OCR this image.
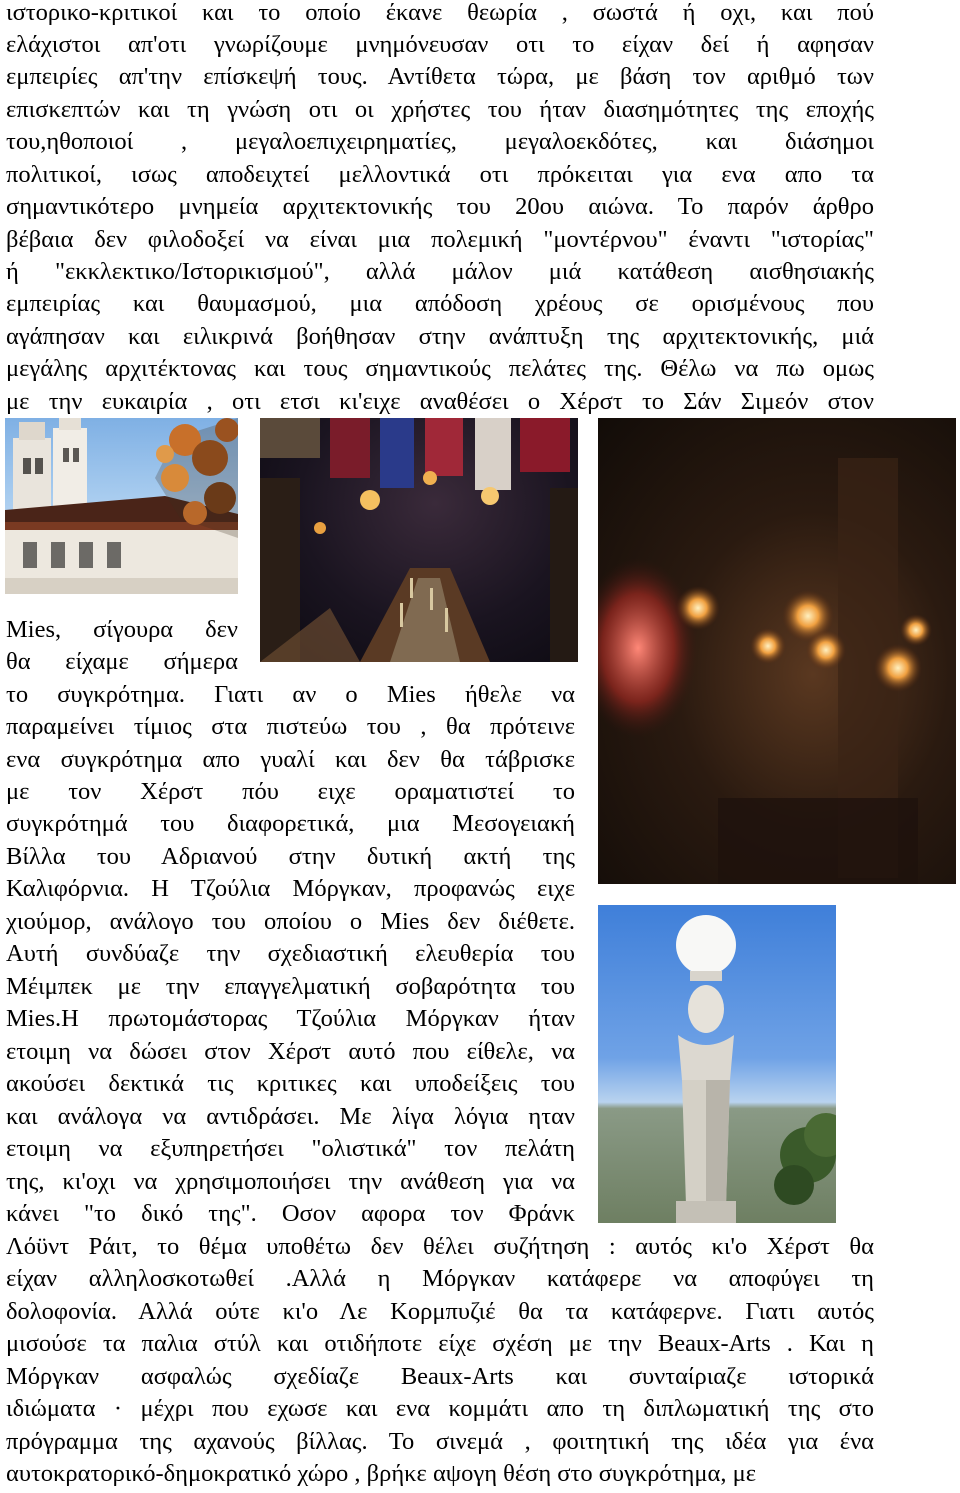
ιστορικο-κριτικοί και το οποίο έκανε θεωρία , σωστά ή οχι, και πού
ελάχιστοι απ'οτι γνωρίζουμε μνημόνευσαν οτι το είχαν δεί ή αφησαν
εμπειρίες απ'την επίσκεψή τους. Αντίθετα τώρα, με βάση τον αριθμό των
επισκεπτών και τη γνώση οτι οι χρήστες του ήταν διασημότητες της εποχής
του,ηθοποιοί , μεγαλοεπιχειρηματίες, μεγαλοεκδότες, και διάσημοι
πολιτικοί, ισως αποδειχτεί μελλοντικά οτι πρόκειται για ενα απο τα
σημαντικότερο μνημεία αρχιτεκτονικής του 20ου αιώνα. Το παρόν άρθρο
βέβαια δεν φιλοδοξεί να είναι μια πολεμική "μοντέρνου" έναντι "ιστορίας"
ή "εκκλεκτικο/Ιστορικισμού", αλλά μάλον μιά κατάθεση αισθησιακής
εμπειρίας και θαυμασμού, μια απόδοση χρέους σε ορισμένους που
αγάπησαν και ειλικρινά βοήθησαν στην ανάπτυξη της αρχιτεκτονικής, μιά
μεγάλης αρχιτέκτονας και τους σημαντικούς πελάτες της. Θέλω να πω ομως
με την ευκαιρία , οτι ετσι κι'ειχε αναθέσει ο Χέρστ το Σάν Σιμεόν στον
Mies, σίγουρα δεν
θα είχαμε σήμερα
το συγκρότημα. Γιατι αν ο Mies ήθελε να
παραμείνει τίμιος στα πιστεύω του , θα πρότεινε
ενα συγκρότημα απο γυαλί και δεν θα τάβρισκε
με τον Χέρστ πόυ ειχε οραματιστεί το
συγκρότημά του διαφορετικά, μια Μεσογειακή
Βίλλα του Αδριανού στην δυτική ακτή της
Καλιφόρνια. Η Τζούλια Μόργκαν, προφανώς ειχε
χιούμορ, ανάλογο του οποίου ο Mies δεν διέθετε.
Αυτή συνδύαζε την σχεδιαστική ελευθερία του
Μέιμπεκ με την επαγγελματική σοβαρότητα του
Mies.Η πρωτομάστορας Τζούλια Μόργκαν ήταν
ετοιμη να δώσει στον Χέρστ αυτό που είθελε, να
ακούσει δεκτικά τις κριτικες και υποδείξεις του
και ανάλογα να αντιδράσει. Με λίγα λόγια ηταν
ετοιμη να εξυπηρετήσει "ολιστικά" τον πελάτη
της, κι'οχι να χρησιμοποιήσει την ανάθεση για να
κάνει "το δικό της". Οσον αφορα τον Φράνκ
Λόϋντ Ράιτ, το θέμα υποθέτω δεν θέλει συζήτηση : αυτός κι'ο Χέρστ θα
είχαν αλληλοσκοτωθεί .Αλλά η Μόργκαν κατάφερε να αποφύγει τη
δολοφονία. Αλλά ούτε κι'ο Λε Κορμπυζιέ θα τα κατάφερνε. Γιατι αυτός
μισούσε τα παλια στύλ και οτιδήποτε είχε σχέση με την Beaux-Arts . Και η
Μόργκαν ασφαλώς σχεδίαζε Beaux-Arts και συνταίριαζε ιστορικά
ιδιώματα · μέχρι που εχωσε και ενα κομμάτι απο τη διπλωματική της στο
πρόγραμμα της αχανούς βίλλας. Το σινεμά , φοιτητική της ιδέα για ένα
αυτοκρατορικό-δημοκρατικό χώρο , βρήκε αψογη θέση στο συγκρότημα, με
